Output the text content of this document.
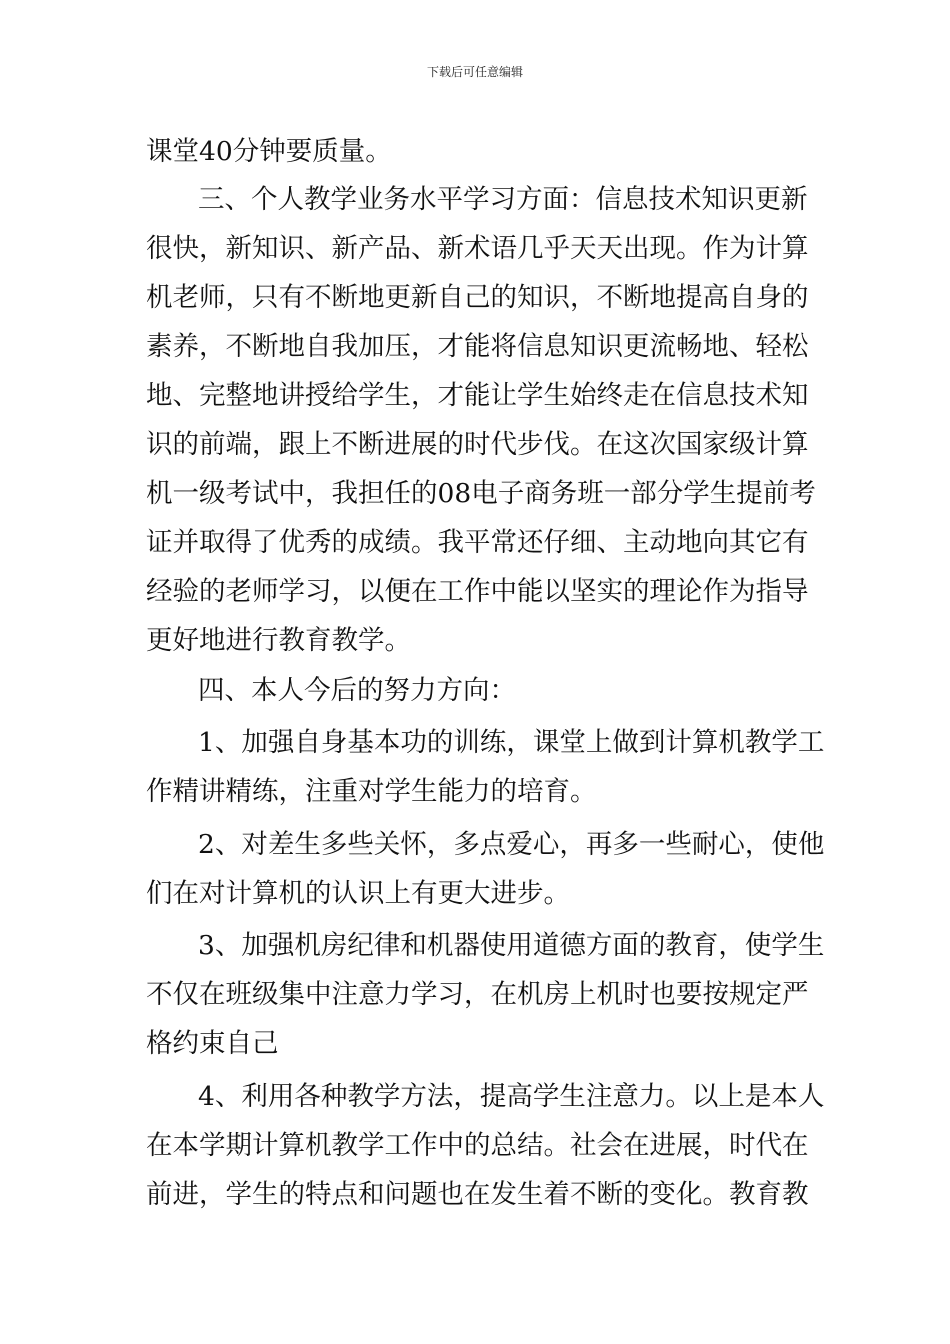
下载后可任意编辑
课堂40分钟要质量。
三、个人教学业务水平学习方面：信息技术知识更新
很快，新知识、新产品、新术语几乎天天出现。作为计算
机老师，只有不断地更新自己的知识，不断地提高自身的
素养，不断地自我加压，才能将信息知识更流畅地、轻松
地、完整地讲授给学生，才能让学生始终走在信息技术知
识的前端，跟上不断进展的时代步伐。在这次国家级计算
机一级考试中，我担任的08电子商务班一部分学生提前考
证并取得了优秀的成绩。我平常还仔细、主动地向其它有
经验的老师学习，以便在工作中能以坚实的理论作为指导
更好地进行教育教学。
四、本人今后的努力方向：
1、加强自身基本功的训练，课堂上做到计算机教学工
作精讲精练，注重对学生能力的培育。
2、对差生多些关怀，多点爱心，再多一些耐心，使他
们在对计算机的认识上有更大进步。
3、加强机房纪律和机器使用道德方面的教育，使学生
不仅在班级集中注意力学习，在机房上机时也要按规定严
格约束自己
4、利用各种教学方法，提高学生注意力。以上是本人
在本学期计算机教学工作中的总结。社会在进展，时代在
前进，学生的特点和问题也在发生着不断的变化。教育教
